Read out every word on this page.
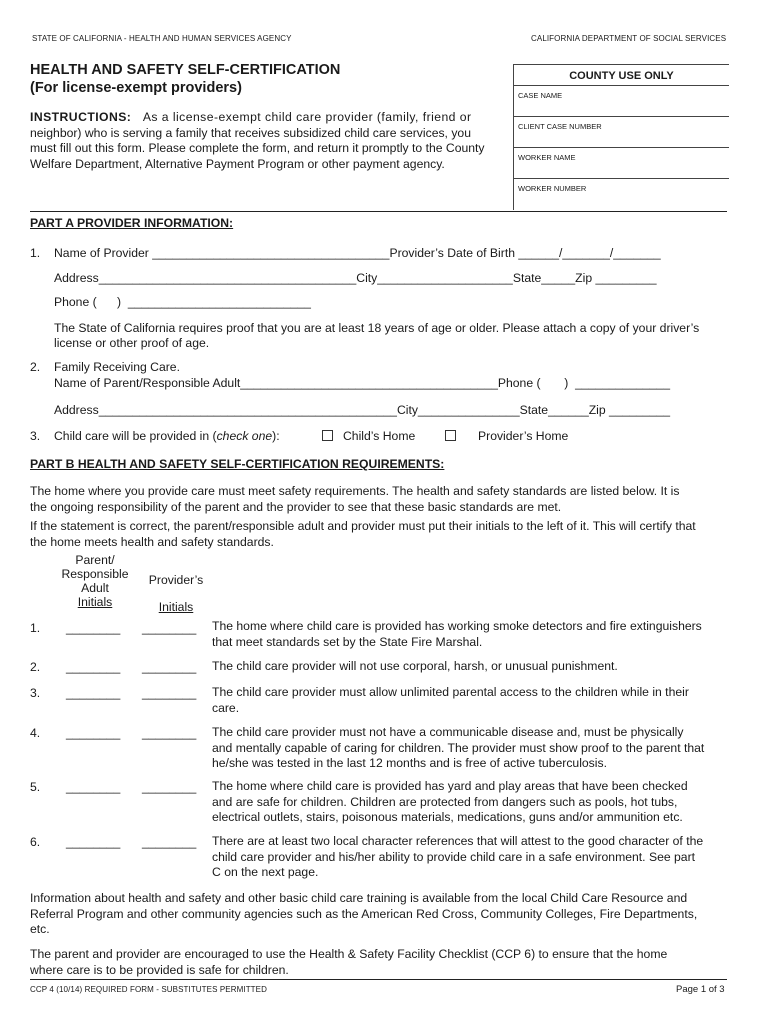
STATE OF CALIFORNIA - HEALTH AND HUMAN SERVICES AGENCY	CALIFORNIA DEPARTMENT OF SOCIAL SERVICES
HEALTH AND SAFETY SELF-CERTIFICATION
(For license-exempt providers)
COUNTY USE ONLY
CASE NAME
CLIENT CASE NUMBER
WORKER NAME
WORKER NUMBER
INSTRUCTIONS: As a license-exempt child care provider (family, friend or
neighbor) who is serving a family that receives subsidized child care services, you
must fill out this form. Please complete the form, and return it promptly to the County
Welfare Department, Alternative Payment Program or other payment agency.
PART A PROVIDER INFORMATION:
1. Name of Provider ___________________________________Provider’s Date of Birth ______/_______/_______
Address______________________________________City____________________State_____Zip _________
Phone (      )  ___________________________
The State of California requires proof that you are at least 18 years of age or older. Please attach a copy of your driver’s
license or other proof of age.
2. Family Receiving Care.
Name of Parent/Responsible Adult______________________________________Phone (       )  ______________
Address____________________________________________City_______________State______Zip _________
3. Child care will be provided in (check one):	Child’s Home	Provider’s Home
PART B HEALTH AND SAFETY SELF-CERTIFICATION REQUIREMENTS:
The home where you provide care must meet safety requirements. The health and safety standards are listed below. It is
the ongoing responsibility of the parent and the provider to see that these basic standards are met.
If the statement is correct, the parent/responsible adult and provider must put their initials to the left of it. This will certify that
the home meets health and safety standards.
Parent/
Responsible
Adult
Initials
Provider’s
Initials
1. ________ ________ The home where child care is provided has working smoke detectors and fire extinguishers
that meet standards set by the State Fire Marshal.
2. ________ ________ The child care provider will not use corporal, harsh, or unusual punishment.
3. ________ ________ The child care provider must allow unlimited parental access to the children while in their
care.
4. ________ ________ The child care provider must not have a communicable disease and, must be physically
and mentally capable of caring for children. The provider must show proof to the parent that
he/she was tested in the last 12 months and is free of active tuberculosis.
5. ________ ________ The home where child care is provided has yard and play areas that have been checked
and are safe for children. Children are protected from dangers such as pools, hot tubs,
electrical outlets, stairs, poisonous materials, medications, guns and/or ammunition etc.
6. ________ ________ There are at least two local character references that will attest to the good character of the
child care provider and his/her ability to provide child care in a safe environment. See part
C on the next page.
Information about health and safety and other basic child care training is available from the local Child Care Resource and
Referral Program and other community agencies such as the American Red Cross, Community Colleges, Fire Departments,
etc.
The parent and provider are encouraged to use the Health & Safety Facility Checklist (CCP 6) to ensure that the home
where care is to be provided is safe for children.
CCP 4 (10/14) REQUIRED FORM - SUBSTITUTES PERMITTED	Page 1 of 3
